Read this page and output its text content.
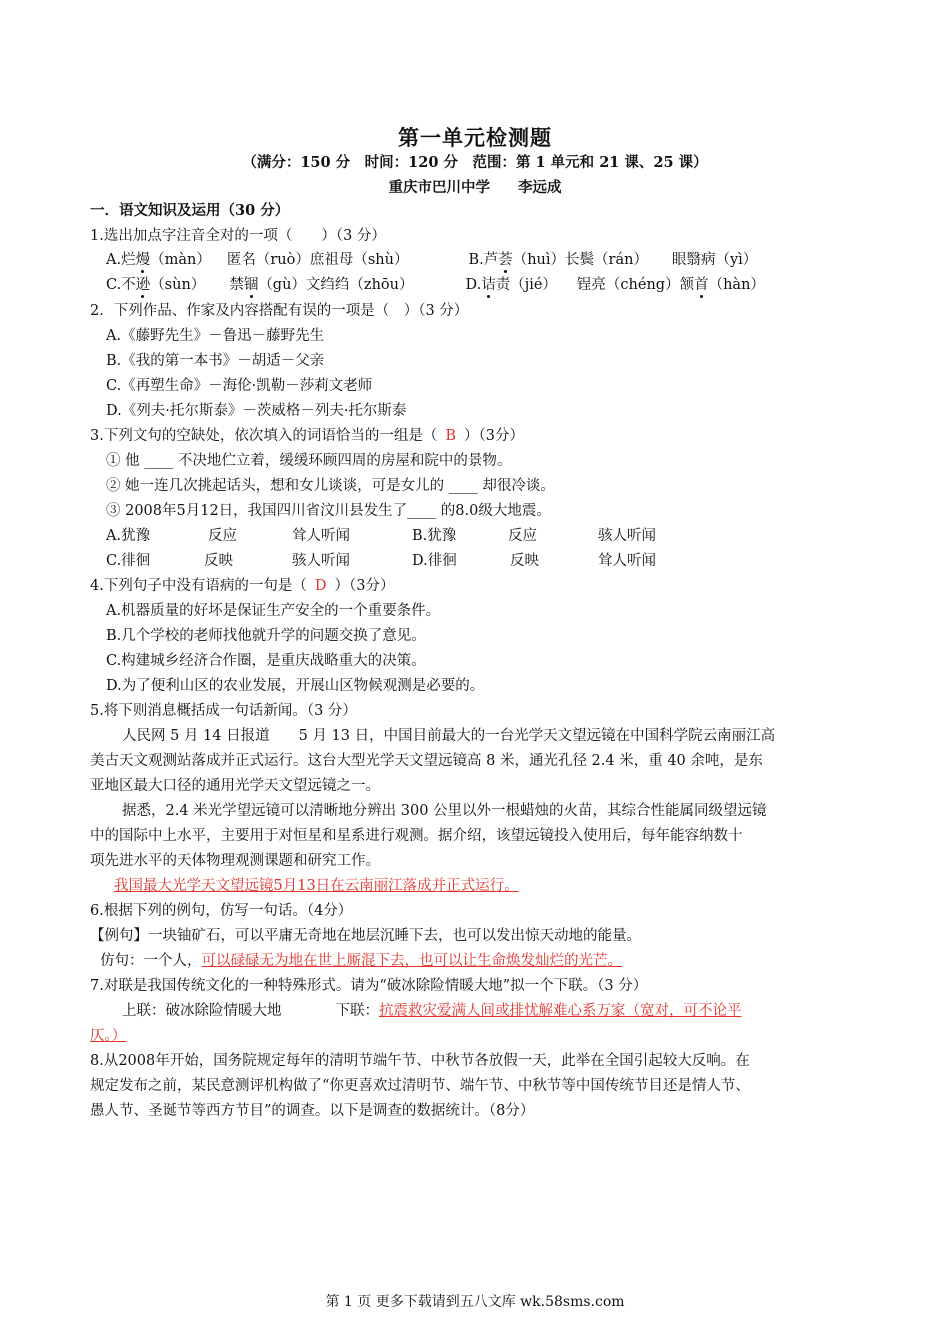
第一单元检测题
（满分：150 分　时间：120 分　范围：第 1 单元和 21 课、25 课）
重庆市巴川中学 李远成
一．语文知识及运用（30 分）
1.选出加点字注音全对的一项（　　）（3 分）
A.烂熳（màn） 匿名（ruò）庶祖母（shù）	B.芦荟（huì）长鬓（rán） 眼翳病（yì）
C.不逊（sùn） 禁锢（gù）文绉绉（zhōu）	D.诘责（jié） 锃亮（chéng）颔首（hàn）
2．下列作品、作家及内容搭配有误的一项是（　）（3 分）
A.《藤野先生》－鲁迅－藤野先生
B.《我的第一本书》－胡适－父亲
C.《再塑生命》－海伦·凯勒－莎莉文老师
D.《列夫·托尔斯泰》－茨威格－列夫·托尔斯泰
3.下列文句的空缺处，依次填入的词语恰当的一组是（ B ）（3分）
① 他 ____ 不决地伫立着，缓缓环顾四周的房屋和院中的景物。
② 她一连几次挑起话头，想和女儿谈谈，可是女儿的 ____ 却很冷谈。
③ 2008年5月12日，我国四川省汶川县发生了____ 的8.0级大地震。
A.犹豫	反应	耸人听闻	B.犹豫	反应	骇人听闻
C.徘徊	反映	骇人听闻	D.徘徊	反映	耸人听闻
4.下列句子中没有语病的一句是（ D ）（3分）
A.机器质量的好坏是保证生产安全的一个重要条件。
B.几个学校的老师找他就升学的问题交换了意见。
C.构建城乡经济合作圈，是重庆战略重大的决策。
D.为了便利山区的农业发展，开展山区物候观测是必要的。
5.将下则消息概括成一句话新闻。（3 分）
人民网 5 月 14 日报道　　5 月 13 日，中国目前最大的一台光学天文望远镜在中国科学院云南丽江高
美古天文观测站落成并正式运行。这台大型光学天文望远镜高 8 米，通光孔径 2.4 米，重 40 余吨，是东
亚地区最大口径的通用光学天文望远镜之一。
据悉，2.4 米光学望远镜可以清晰地分辨出 300 公里以外一根蜡烛的火苗，其综合性能属同级望远镜
中的国际中上水平，主要用于对恒星和星系进行观测。据介绍，该望远镜投入使用后，每年能容纳数十
项先进水平的天体物理观测课题和研究工作。
我国最大光学天文望远镜5月13日在云南丽江落成并正式运行。
6.根据下列的例句，仿写一句话。（4分）
【例句】一块铀矿石，可以平庸无奇地在地层沉睡下去，也可以发出惊天动地的能量。
仿句：一个人，可以碌碌无为地在世上厮混下去，也可以让生命焕发灿烂的光芒。
7.对联是我国传统文化的一种特殊形式。请为“破冰除险情暖大地”拟一个下联。（3 分）
上联：破冰除险情暖大地	下联：抗震救灾爱满人间或排忧解难心系万家（宽对，可不论平
仄。）
8.从2008年开始，国务院规定每年的清明节端午节、中秋节各放假一天，此举在全国引起较大反响。在
规定发布之前，某民意测评机构做了“你更喜欢过清明节、端午节、中秋节等中国传统节目还是情人节、
愚人节、圣诞节等西方节目”的调查。以下是调查的数据统计。（8分）
第 1 页 更多下载请到五八文库 wk.58sms.com
